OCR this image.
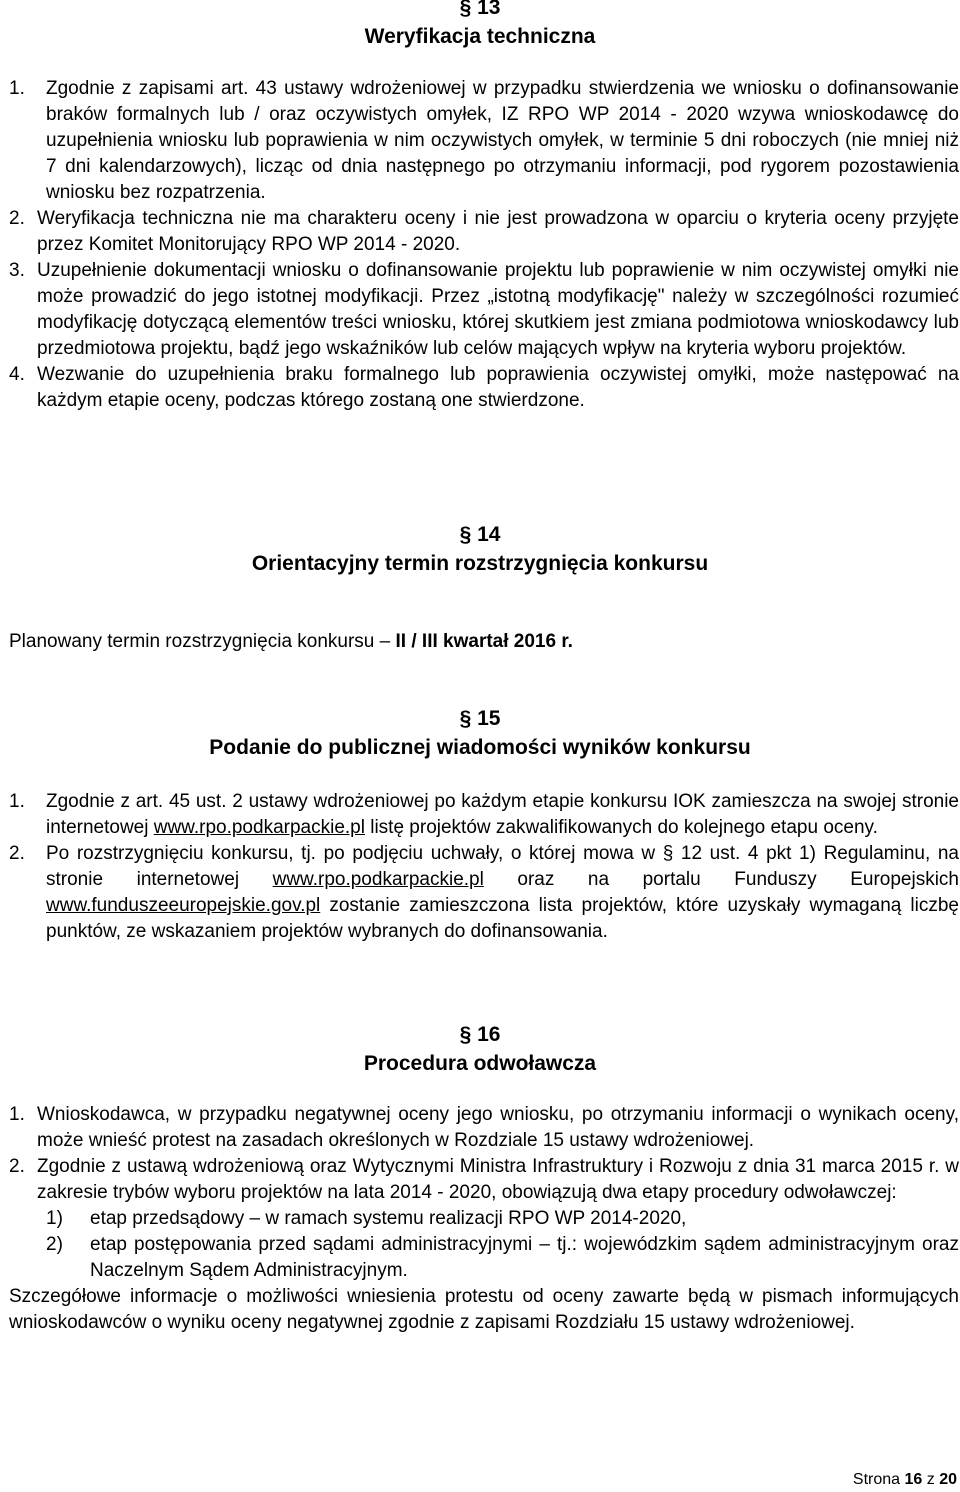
§ 13
Weryfikacja techniczna
1.	Zgodnie z zapisami art. 43 ustawy wdrożeniowej w przypadku stwierdzenia we wniosku o dofinansowanie braków formalnych lub / oraz oczywistych omyłek, IZ RPO WP 2014 - 2020 wzywa wnioskodawcę do uzupełnienia wniosku lub poprawienia w nim oczywistych omyłek, w terminie 5 dni roboczych (nie mniej niż 7 dni kalendarzowych), licząc od dnia następnego po otrzymaniu informacji, pod rygorem pozostawienia wniosku bez rozpatrzenia.
2. Weryfikacja techniczna nie ma charakteru oceny i nie jest prowadzona w oparciu o kryteria oceny przyjęte przez Komitet Monitorujący RPO WP 2014 - 2020.
3. Uzupełnienie dokumentacji wniosku o dofinansowanie projektu lub poprawienie w nim oczywistej omyłki nie może prowadzić do jego istotnej modyfikacji. Przez „istotną modyfikację" należy w szczególności rozumieć modyfikację dotyczącą elementów treści wniosku, której skutkiem jest zmiana podmiotowa wnioskodawcy lub przedmiotowa projektu, bądź jego wskaźników lub celów mających wpływ na kryteria wyboru projektów.
4. Wezwanie do uzupełnienia braku formalnego lub poprawienia oczywistej omyłki, może następować na każdym etapie oceny, podczas którego zostaną one stwierdzone.
§ 14
Orientacyjny termin rozstrzygnięcia konkursu
Planowany termin rozstrzygnięcia konkursu – II / III kwartał 2016 r.
§ 15
Podanie do publicznej wiadomości wyników konkursu
1.	Zgodnie z art. 45 ust. 2 ustawy wdrożeniowej po każdym etapie konkursu IOK zamieszcza na swojej stronie internetowej www.rpo.podkarpackie.pl listę projektów zakwalifikowanych do kolejnego etapu oceny.
2.	Po rozstrzygnięciu konkursu, tj. po podjęciu uchwały, o której mowa w § 12 ust. 4 pkt 1) Regulaminu, na stronie internetowej www.rpo.podkarpackie.pl oraz na portalu Funduszy Europejskich www.funduszeeuropejskie.gov.pl zostanie zamieszczona lista projektów, które uzyskały wymaganą liczbę punktów, ze wskazaniem projektów wybranych do dofinansowania.
§ 16
Procedura odwoławcza
1. Wnioskodawca, w przypadku negatywnej oceny jego wniosku, po otrzymaniu informacji o wynikach oceny, może wnieść protest na zasadach określonych w Rozdziale 15 ustawy wdrożeniowej.
2. Zgodnie z ustawą wdrożeniową oraz Wytycznymi Ministra Infrastruktury i Rozwoju z dnia 31 marca 2015 r. w zakresie trybów wyboru projektów na lata 2014 - 2020, obowiązują dwa etapy procedury odwoławczej:
1)	etap przedsądowy – w ramach systemu realizacji RPO WP 2014-2020,
2)	etap postępowania przed sądami administracyjnymi – tj.: wojewódzkim sądem administracyjnym oraz Naczelnym Sądem Administracyjnym.
Szczegółowe informacje o możliwości wniesienia protestu od oceny zawarte będą w pismach informujących wnioskodawców o wyniku oceny negatywnej zgodnie z zapisami Rozdziału 15 ustawy wdrożeniowej.
Strona 16 z 20
